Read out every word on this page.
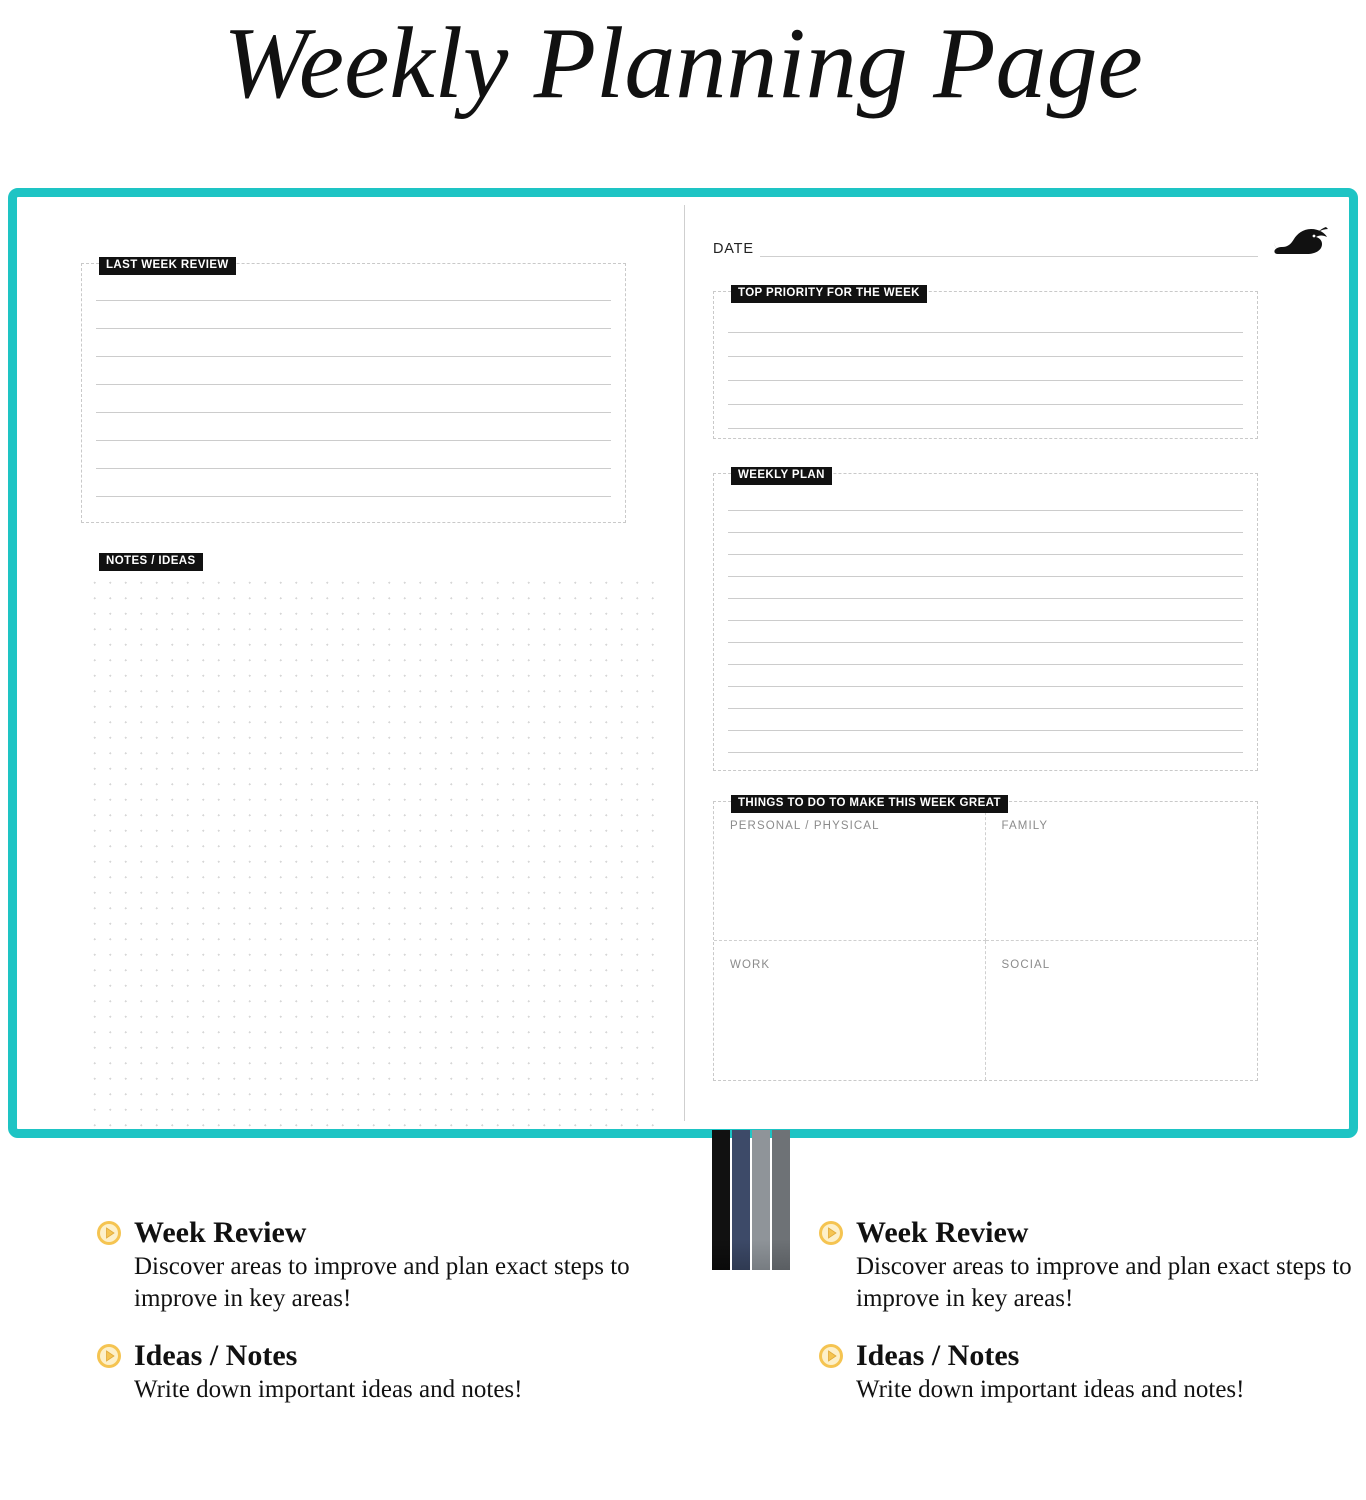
Weekly Planning Page
LAST WEEK REVIEW
NOTES / IDEAS
DATE
TOP PRIORITY FOR THE WEEK
WEEKLY PLAN
PERSONAL / PHYSICAL	FAMILY
WORK	SOCIAL
THINGS TO DO TO MAKE THIS WEEK GREAT
Week Review
Discover areas to improve and plan exact steps to improve in key areas!
Ideas / Notes
Write down important ideas and notes!
Week Review
Discover areas to improve and plan exact steps to improve in key areas!
Ideas / Notes
Write down important ideas and notes!
